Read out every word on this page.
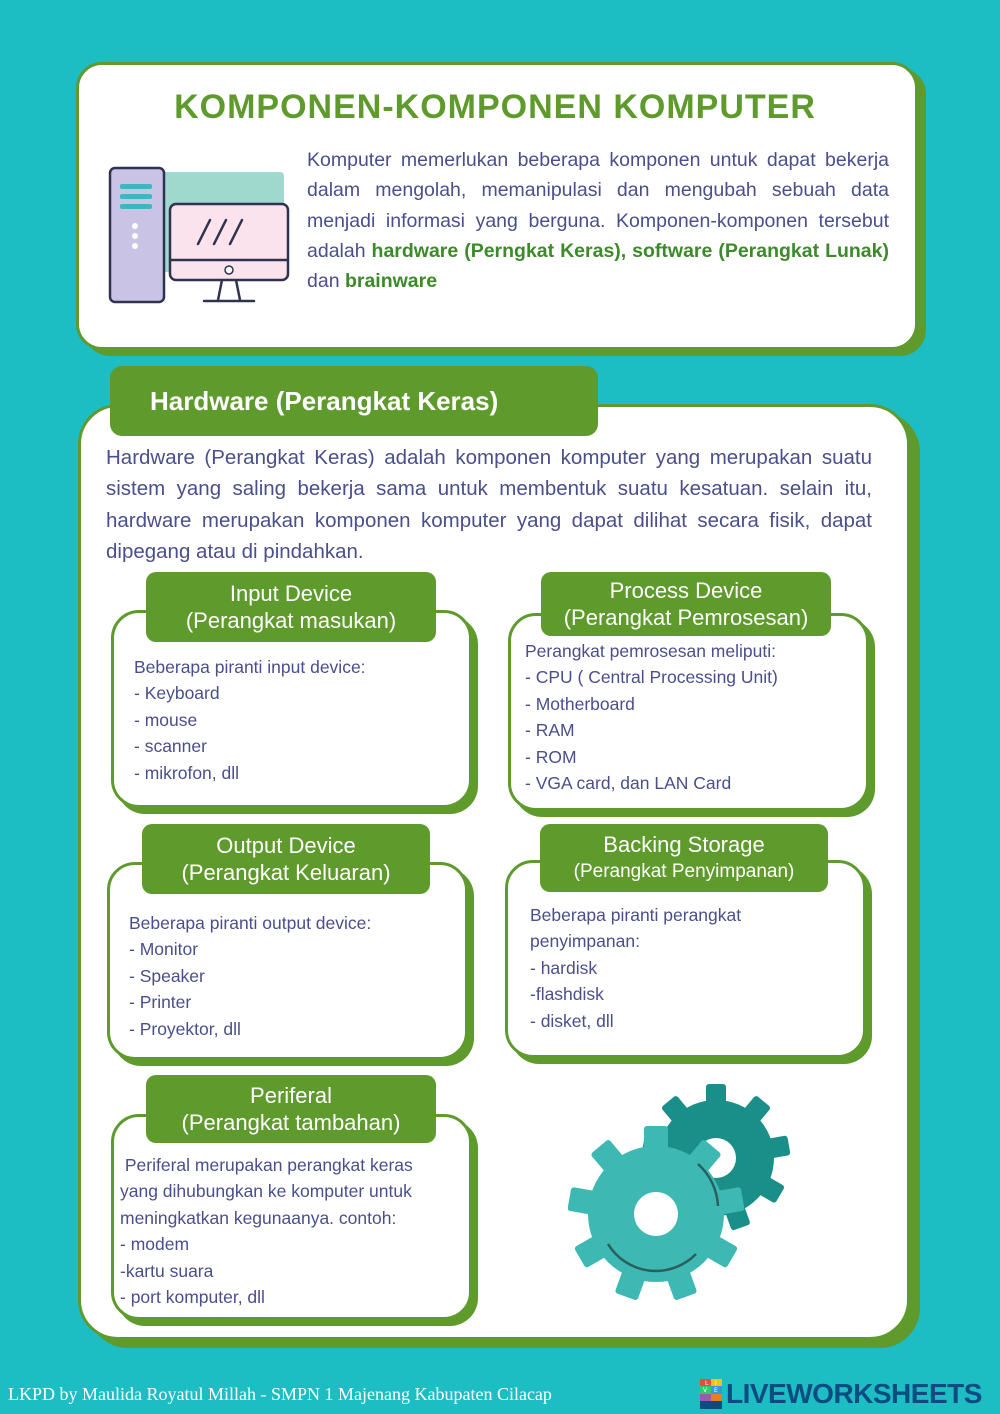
KOMPONEN-KOMPONEN KOMPUTER
Komputer memerlukan beberapa komponen untuk dapat bekerja dalam mengolah, memanipulasi dan mengubah sebuah data menjadi informasi yang berguna. Komponen-komponen tersebut adalah hardware (Perngkat Keras), software (Perangkat Lunak) dan brainware
Hardware (Perangkat Keras)
Hardware (Perangkat Keras) adalah komponen komputer yang merupakan suatu sistem yang saling bekerja sama untuk membentuk suatu kesatuan. selain itu, hardware merupakan komponen komputer yang dapat dilihat secara fisik, dapat dipegang atau di pindahkan.
Input Device
(Perangkat masukan)
Beberapa piranti input device:
- Keyboard
- mouse
- scanner
- mikrofon, dll
Process Device
(Perangkat Pemrosesan)
Perangkat pemrosesan meliputi:
- CPU ( Central Processing Unit)
- Motherboard
- RAM
- ROM
- VGA card, dan LAN Card
Output Device
(Perangkat Keluaran)
Beberapa piranti output device:
- Monitor
- Speaker
- Printer
- Proyektor, dll
Backing Storage
(Perangkat Penyimpanan)
Beberapa piranti perangkat
penyimpanan:
- hardisk
-flashdisk
- disket, dll
Periferal
(Perangkat tambahan)
Periferal merupakan perangkat keras
yang dihubungkan ke komputer untuk
meningkatkan kegunaanya. contoh:
- modem
-kartu suara
- port komputer, dll
LKPD by Maulida Royatul Millah - SMPN 1 Majenang Kabupaten Cilacap
L I
V E LIVEWORKSHEETS
